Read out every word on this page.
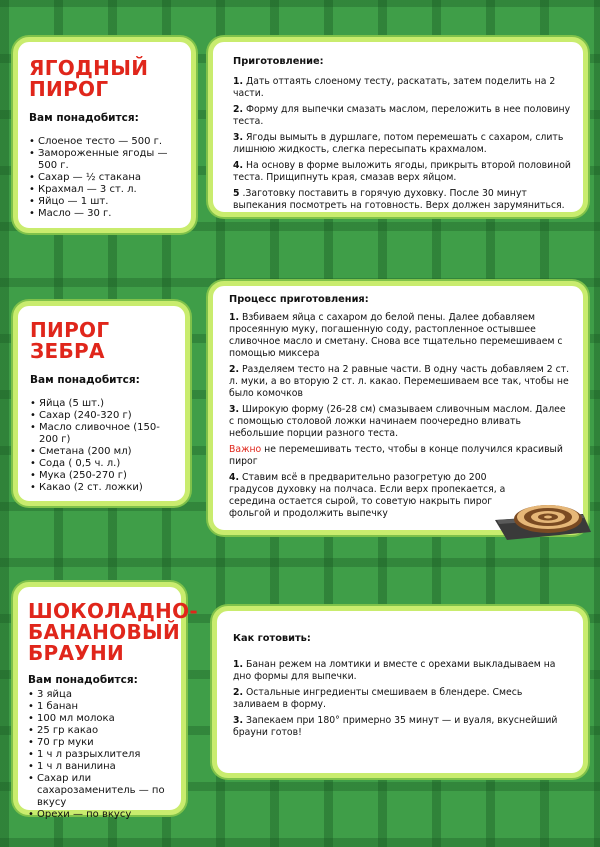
ЯГОДНЫЙ ПИРОГ
Вам понадобится:
• Слоеное тесто — 500 г.
• Замороженные ягоды — 500 г.
• Сахар — ½ стакана
• Крахмал — 3 ст. л.
• Яйцо — 1 шт.
• Масло — 30 г.
Приготовление:
1. Дать оттаять слоеному тесту, раскатать, затем поделить на 2 части.
2. Форму для выпечки смазать маслом, переложить в нее половину теста.
3. Ягоды вымыть в дуршлаге, потом перемешать с сахаром, слить лишнюю жидкость, слегка пересыпать крахмалом.
4. На основу в форме выложить ягоды, прикрыть второй половиной теста. Прищипнуть края, смазав верх яйцом.
5 .Заготовку поставить в горячую духовку. После 30 минут выпекания посмотреть на готовность. Верх должен зарумяниться.
ПИРОГ ЗЕБРА
Вам понадобится:
• Яйца (5 шт.)
• Сахар (240-320 г)
• Масло сливочное (150-200 г)
• Сметана (200 мл)
• Сода ( 0,5 ч. л.)
• Мука (250-270 г)
• Какао (2 ст. ложки)
Процесс приготовления:
1. Взбиваем яйца с сахаром до белой пены. Далее добавляем просеянную муку, погашенную соду, растопленное остывшее сливочное масло и сметану. Снова все тщательно перемешиваем с помощью миксера
2. Разделяем тесто на 2 равные части. В одну часть добавляем 2 ст. л. муки, а во вторую 2 ст. л. какао. Перемешиваем все так, чтобы не было комочков
3. Широкую форму (26-28 см) смазываем сливочным маслом. Далее с помощью столовой ложки начинаем поочередно вливать небольшие порции разного теста.
Важно не перемешивать тесто, чтобы в конце получился красивый пирог
4. Ставим всё в предварительно разогретую до 200 градусов духовку на полчаса. Если верх пропекается, а середина остается сырой, то советую накрыть пирог фольгой и продолжить выпечку
ШОКОЛАДНО-БАНАНОВЫЙ БРАУНИ
Вам понадобится:
• 3 яйца
• 1 банан
• 100 мл молока
• 25 гр какао
• 70 гр муки
• 1 ч л разрыхлителя
• 1 ч л ванилина
• Сахар или сахарозаменитель — по вкусу
• Орехи — по вкусу
Как готовить:
1. Банан режем на ломтики и вместе с орехами выкладываем на дно формы для выпечки.
2. Остальные ингредиенты смешиваем в блендере. Смесь заливаем в форму.
3. Запекаем при 180° примерно 35 минут — и вуаля, вкуснейший брауни готов!
